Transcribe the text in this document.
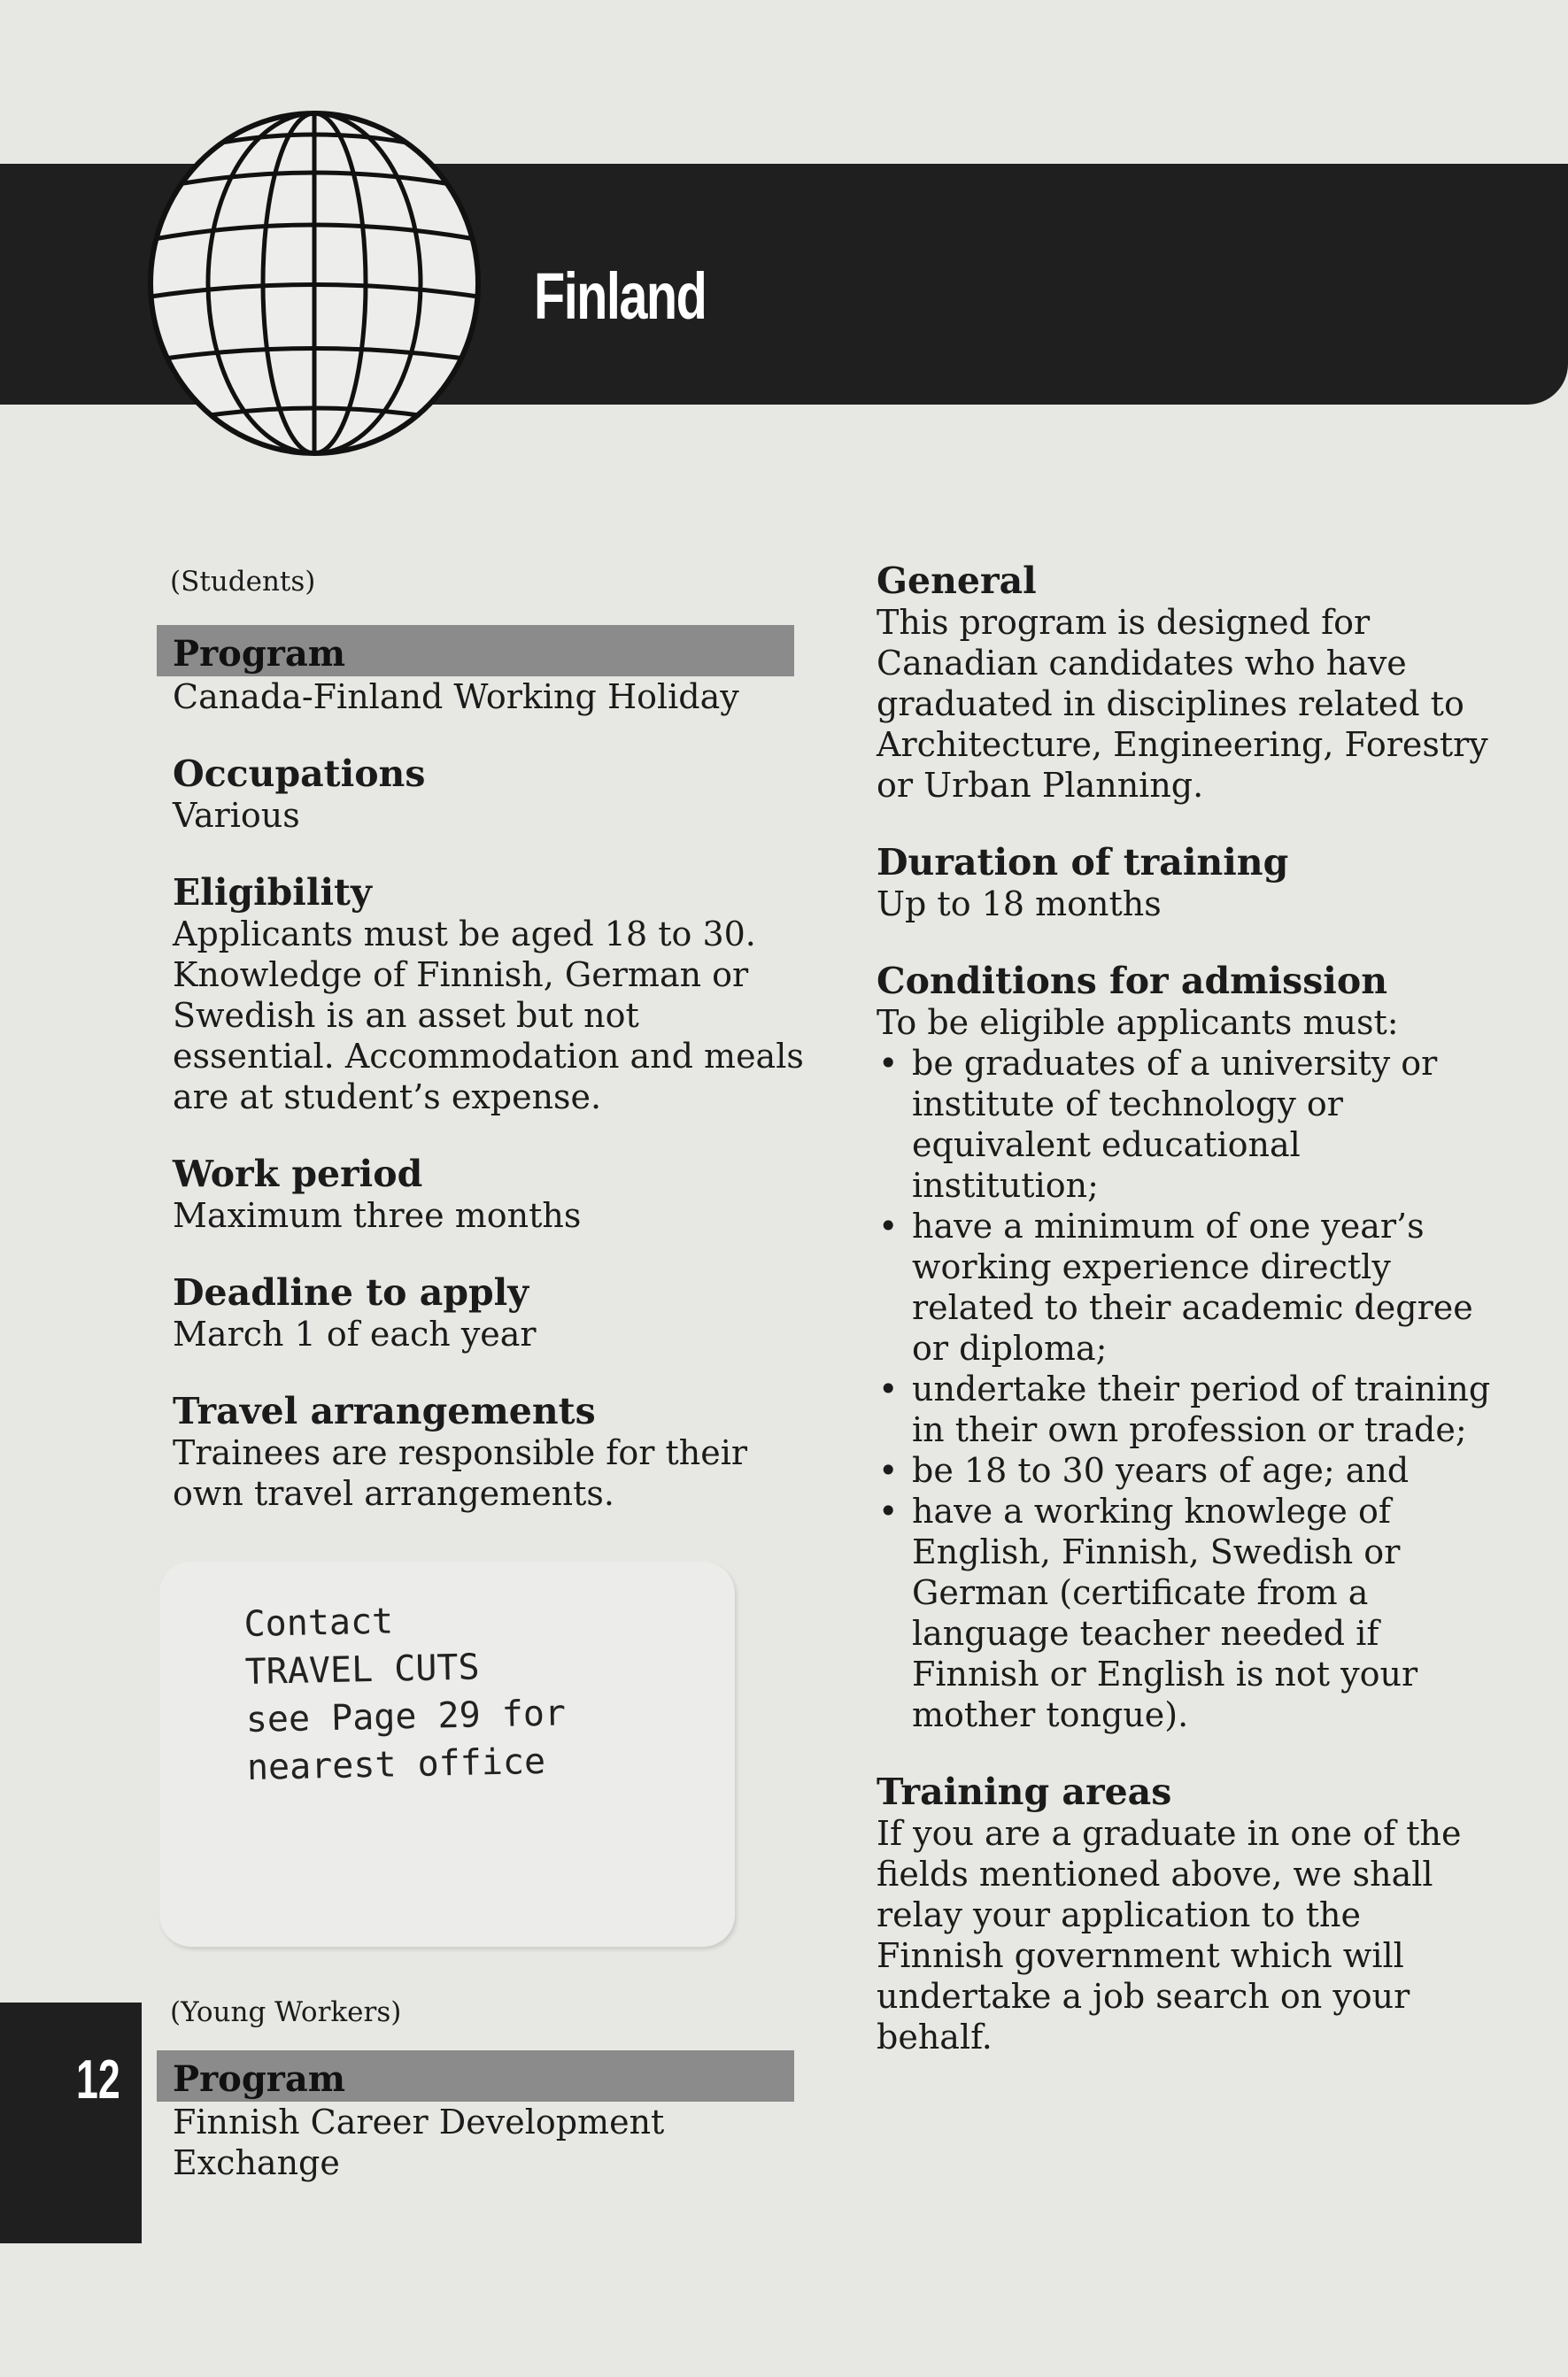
Finland
(Students)
Program

Canada-Finland Working Holiday

Occupations

Various

Eligibility

Applicants must be aged 18 to 30. Knowledge of Finnish, German or Swedish is an asset but not essential. Accommodation and meals are at student’s expense.

Work period

Maximum three months

Deadline to apply

March 1 of each year

Travel arrangements

Trainees are responsible for their own travel arrangements.

Contact
TRAVEL CUTS
see Page 29 for
nearest office
(Young Workers)
Program

Finnish Career Development Exchange

12
General

This program is designed for Canadian candidates who have graduated in disciplines related to Architecture, Engineering, Forestry or Urban Planning.

Duration of training

Up to 18 months

Conditions for admission

To be eligible applicants must:

• be graduates of a university or institute of technology or equivalent educational institution;
• have a minimum of one year’s working experience directly related to their academic degree or diploma;
• undertake their period of training in their own profession or trade;
• be 18 to 30 years of age; and
• have a working knowlege of English, Finnish, Swedish or German (certificate from a language teacher needed if Finnish or English is not your mother tongue).
Training areas

If you are a graduate in one of the fields mentioned above, we shall relay your application to the Finnish government which will undertake a job search on your behalf.
